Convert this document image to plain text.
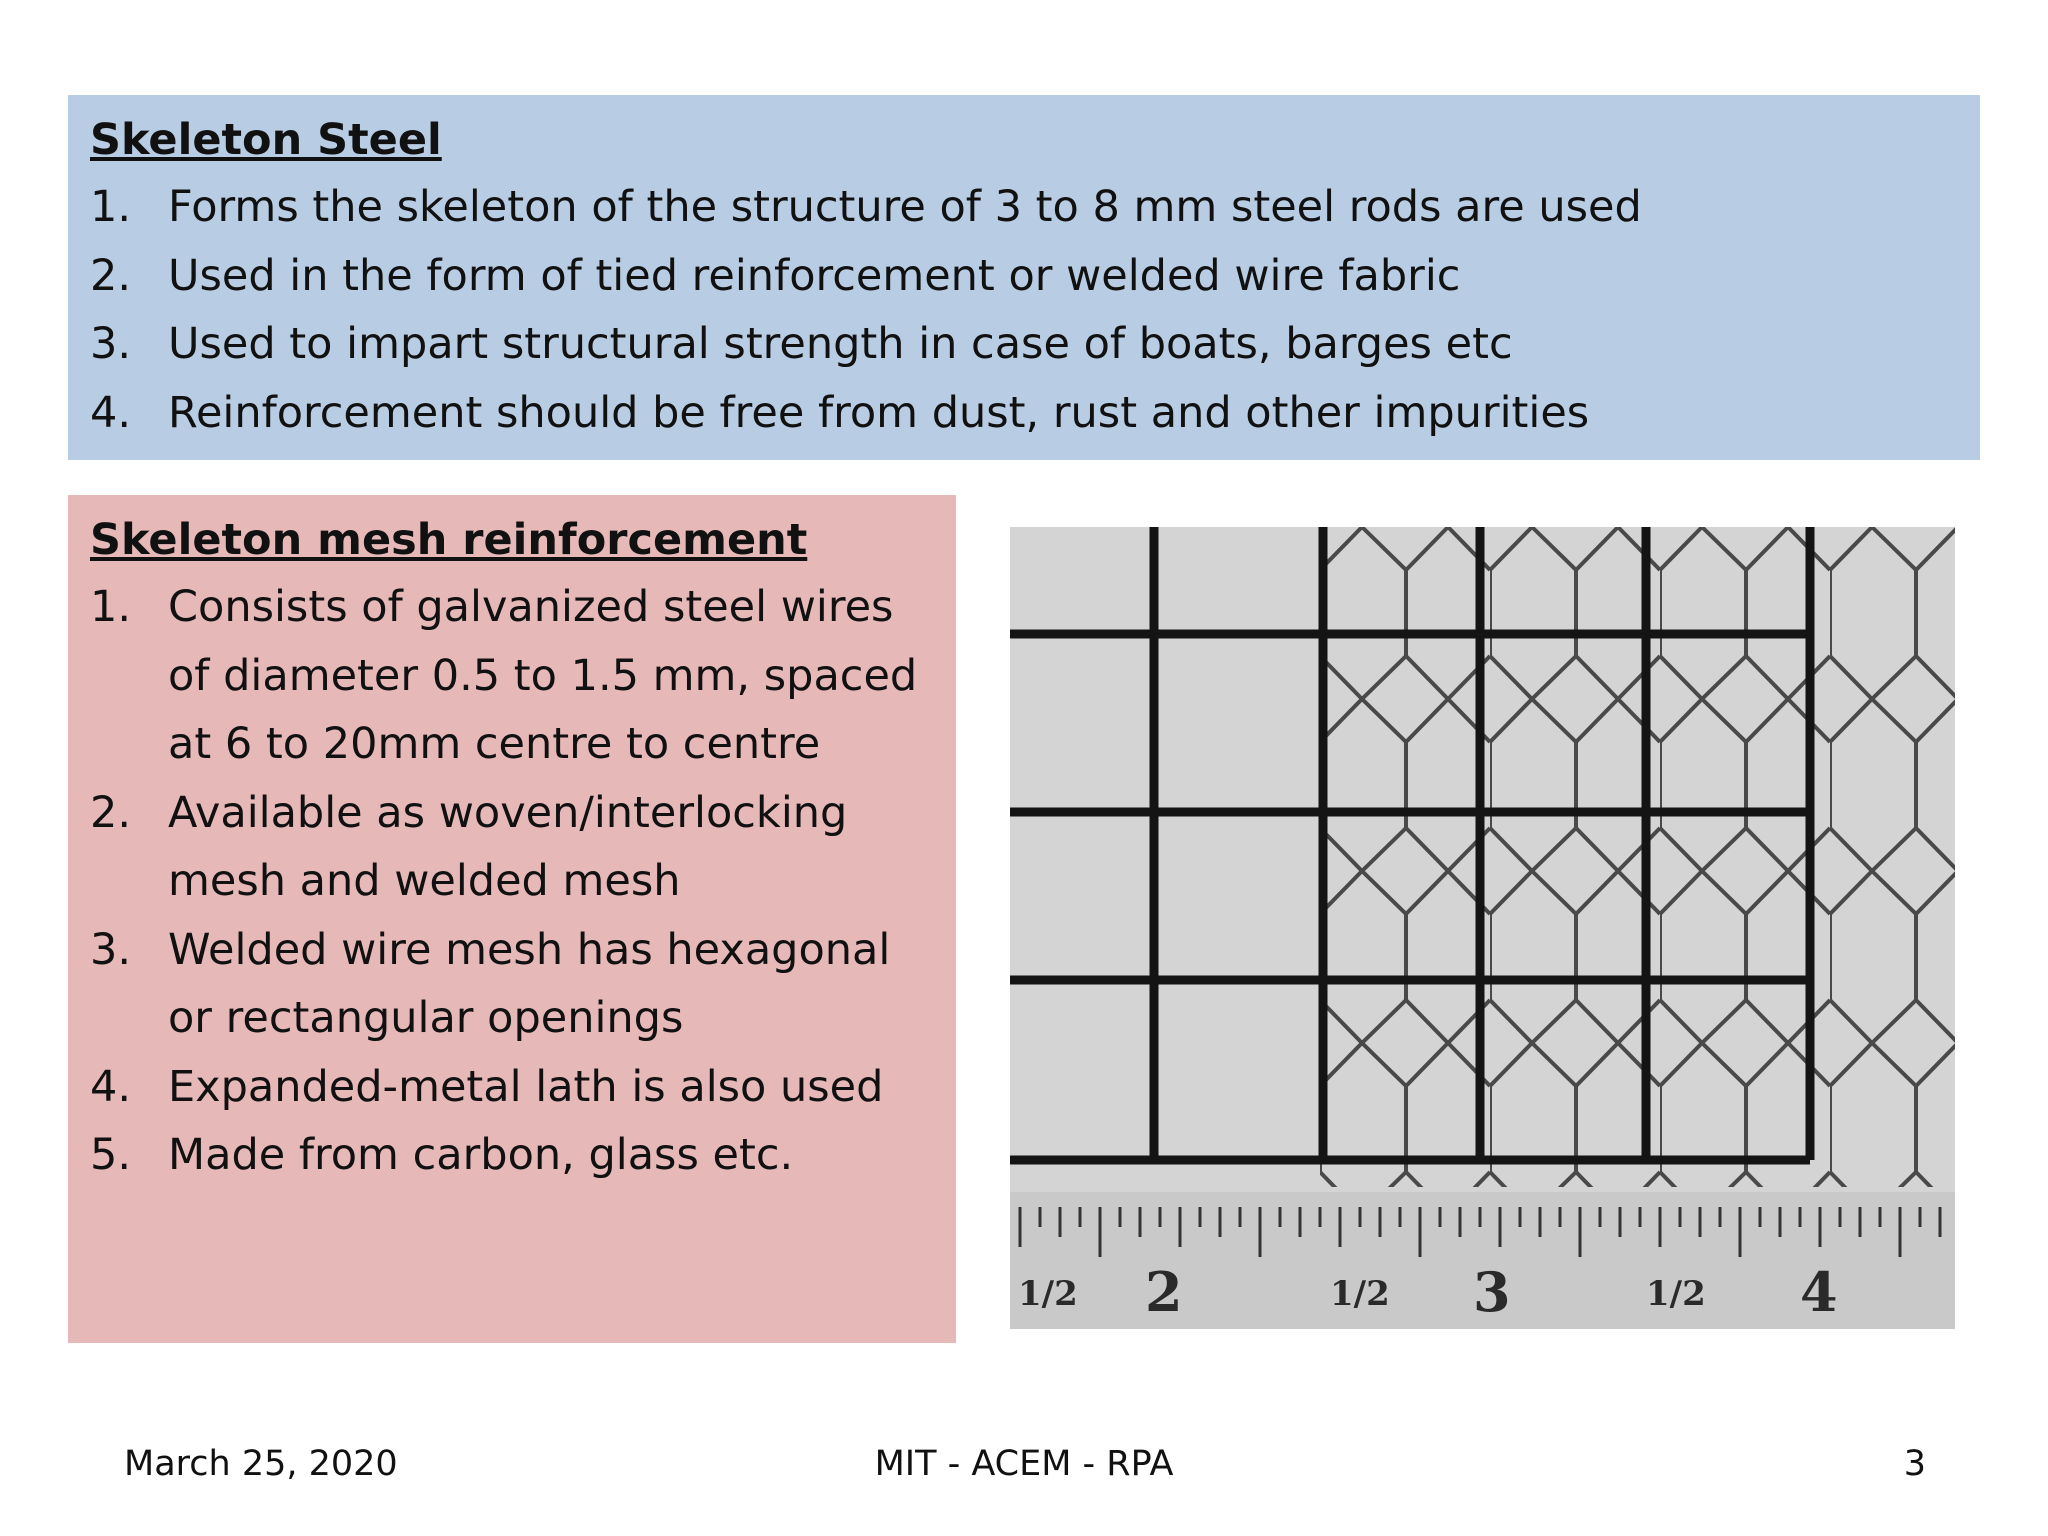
Skeleton Steel
1. Forms the skeleton of the structure of 3 to 8 mm steel rods are used
2. Used in the form of tied reinforcement or welded wire fabric
3. Used to impart structural strength in case of boats, barges etc
4. Reinforcement should be free from dust, rust and other impurities
Skeleton mesh reinforcement
1. Consists of galvanized steel wires of diameter 0.5 to 1.5 mm, spaced at 6 to 20mm centre to centre
2. Available as woven/interlocking mesh and welded mesh
3. Welded wire mesh has hexagonal or rectangular openings
4. Expanded-metal lath is also used
5. Made from carbon, glass etc.
1/2 2	1/2 3	1/2 4
March 25, 2020	MIT - ACEM - RPA	3
